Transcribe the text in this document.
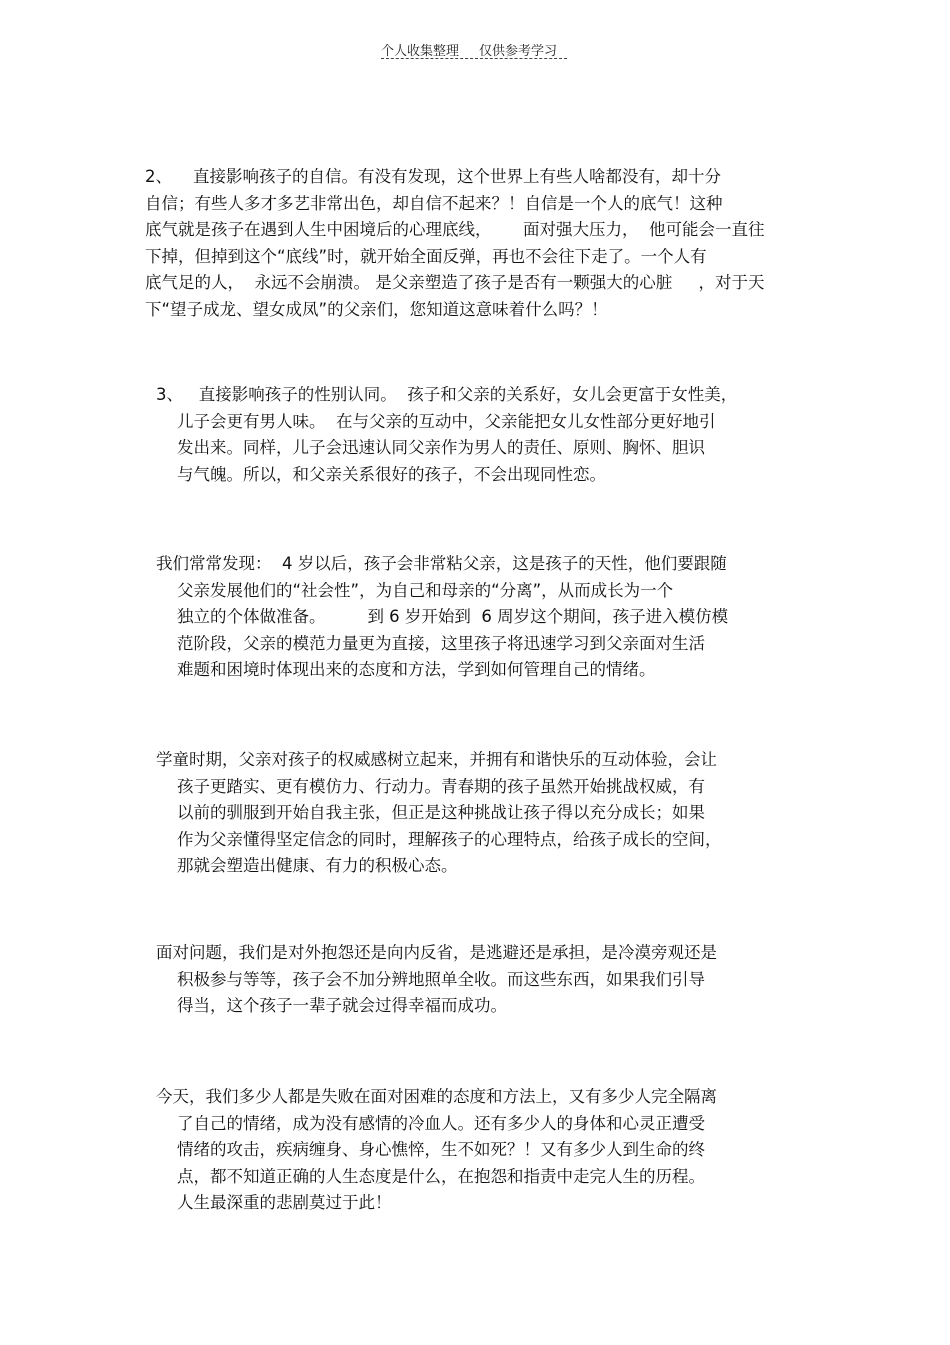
个人收集整理 仅供参考学习
2、    直接影响孩子的自信。有没有发现，这个世界上有些人啥都没有，却十分
自信；有些人多才多艺非常出色，却自信不起来？！自信是一个人的底气！这种
底气就是孩子在遇到人生中困境后的心理底线，      面对强大压力，  他可能会一直往
下掉，但掉到这个“底线”时，就开始全面反弹，再也不会往下走了。一个人有
底气足的人，  永远不会崩溃。 是父亲塑造了孩子是否有一颗强大的心脏     ，对于天
下“望子成龙、望女成凤”的父亲们，您知道这意味着什么吗？！
3、   直接影响孩子的性别认同。  孩子和父亲的关系好，女儿会更富于女性美，
儿子会更有男人味。  在与父亲的互动中，父亲能把女儿女性部分更好地引
发出来。同样，儿子会迅速认同父亲作为男人的责任、原则、胸怀、胆识
与气魄。所以，和父亲关系很好的孩子，不会出现同性恋。
我们常常发现：  4 岁以后，孩子会非常粘父亲，这是孩子的天性，他们要跟随
父亲发展他们的“社会性”，为自己和母亲的“分离”，从而成长为一个
独立的个体做准备。        到 6 岁开始到  6 周岁这个期间，孩子进入模仿模
范阶段，父亲的模范力量更为直接，这里孩子将迅速学习到父亲面对生活
难题和困境时体现出来的态度和方法，学到如何管理自己的情绪。
学童时期，父亲对孩子的权威感树立起来，并拥有和谐快乐的互动体验，会让
孩子更踏实、更有模仿力、行动力。青春期的孩子虽然开始挑战权威，有
以前的驯服到开始自我主张，但正是这种挑战让孩子得以充分成长；如果
作为父亲懂得坚定信念的同时，理解孩子的心理特点，给孩子成长的空间，
那就会塑造出健康、有力的积极心态。
面对问题，我们是对外抱怨还是向内反省，是逃避还是承担，是冷漠旁观还是
积极参与等等，孩子会不加分辨地照单全收。而这些东西，如果我们引导
得当，这个孩子一辈子就会过得幸福而成功。
今天，我们多少人都是失败在面对困难的态度和方法上，又有多少人完全隔离
了自己的情绪，成为没有感情的冷血人。还有多少人的身体和心灵正遭受
情绪的攻击，疾病缠身、身心憔悴，生不如死？！又有多少人到生命的终
点，都不知道正确的人生态度是什么，在抱怨和指责中走完人生的历程。
人生最深重的悲剧莫过于此！
